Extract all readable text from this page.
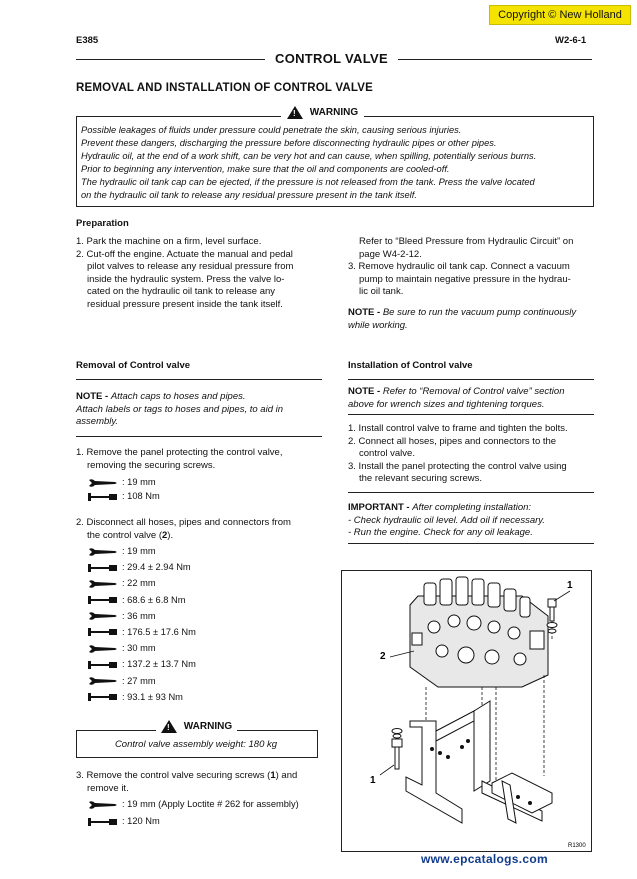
Copyright © New Holland
E385	W2-6-1
CONTROL VALVE
REMOVAL AND INSTALLATION OF CONTROL VALVE
! WARNING
Possible leakages of fluids under pressure could penetrate the skin, causing serious injuries.
Prevent these dangers, discharging the pressure before disconnecting hydraulic pipes or other pipes.
Hydraulic oil, at the end of a work shift, can be very hot and can cause, when spilling, potentially serious burns.
Prior to beginning any intervention, make sure that the oil and components are cooled-off.
The hydraulic oil tank cap can be ejected, if the pressure is not released from the tank. Press the valve located
on the hydraulic oil tank to release any residual pressure present in the tank itself.
Preparation
1. Park the machine on a firm, level surface.
2. Cut-off the engine. Actuate the manual and pedal
pilot valves to release any residual pressure from
inside the hydraulic system. Press the valve lo-
cated on the hydraulic oil tank to release any
residual pressure present inside the tank itself.
Refer to “Bleed Pressure from Hydraulic Circuit” on
page W4-2-12.
3. Remove hydraulic oil tank cap. Connect a vacuum
pump to maintain negative pressure in the hydrau-
lic oil tank.
NOTE - Be sure to run the vacuum pump continuously
while working.
Removal of Control valve
NOTE - Attach caps to hoses and pipes.
Attach labels or tags to hoses and pipes, to aid in
assembly.
1. Remove the panel protecting the control valve,
removing the securing screws.
: 19 mm
: 108 Nm
2. Disconnect all hoses, pipes and connectors from
the control valve (2).
: 19 mm
: 29.4 ± 2.94 Nm
: 22 mm
: 68.6 ± 6.8 Nm
: 36 mm
: 176.5 ± 17.6 Nm
: 30 mm
: 137.2 ± 13.7 Nm
: 27 mm
: 93.1 ± 93 Nm
! WARNING
Control valve assembly weight: 180 kg
3. Remove the control valve securing screws (1) and
remove it.
: 19 mm (Apply Loctite # 262 for assembly)
: 120 Nm
Installation of Control valve
NOTE - Refer to “Removal of Control valve” section
above for wrench sizes and tightening torques.
1. Install control valve to frame and tighten the bolts.
2. Connect all hoses, pipes and connectors to the
control valve.
3. Install the panel protecting the control valve using
the relevant securing screws.
IMPORTANT - After completing installation:
- Check hydraulic oil level. Add oil if necessary.
- Run the engine. Check for any oil leakage.
1
2
1
R1300
www.epcatalogs.com
